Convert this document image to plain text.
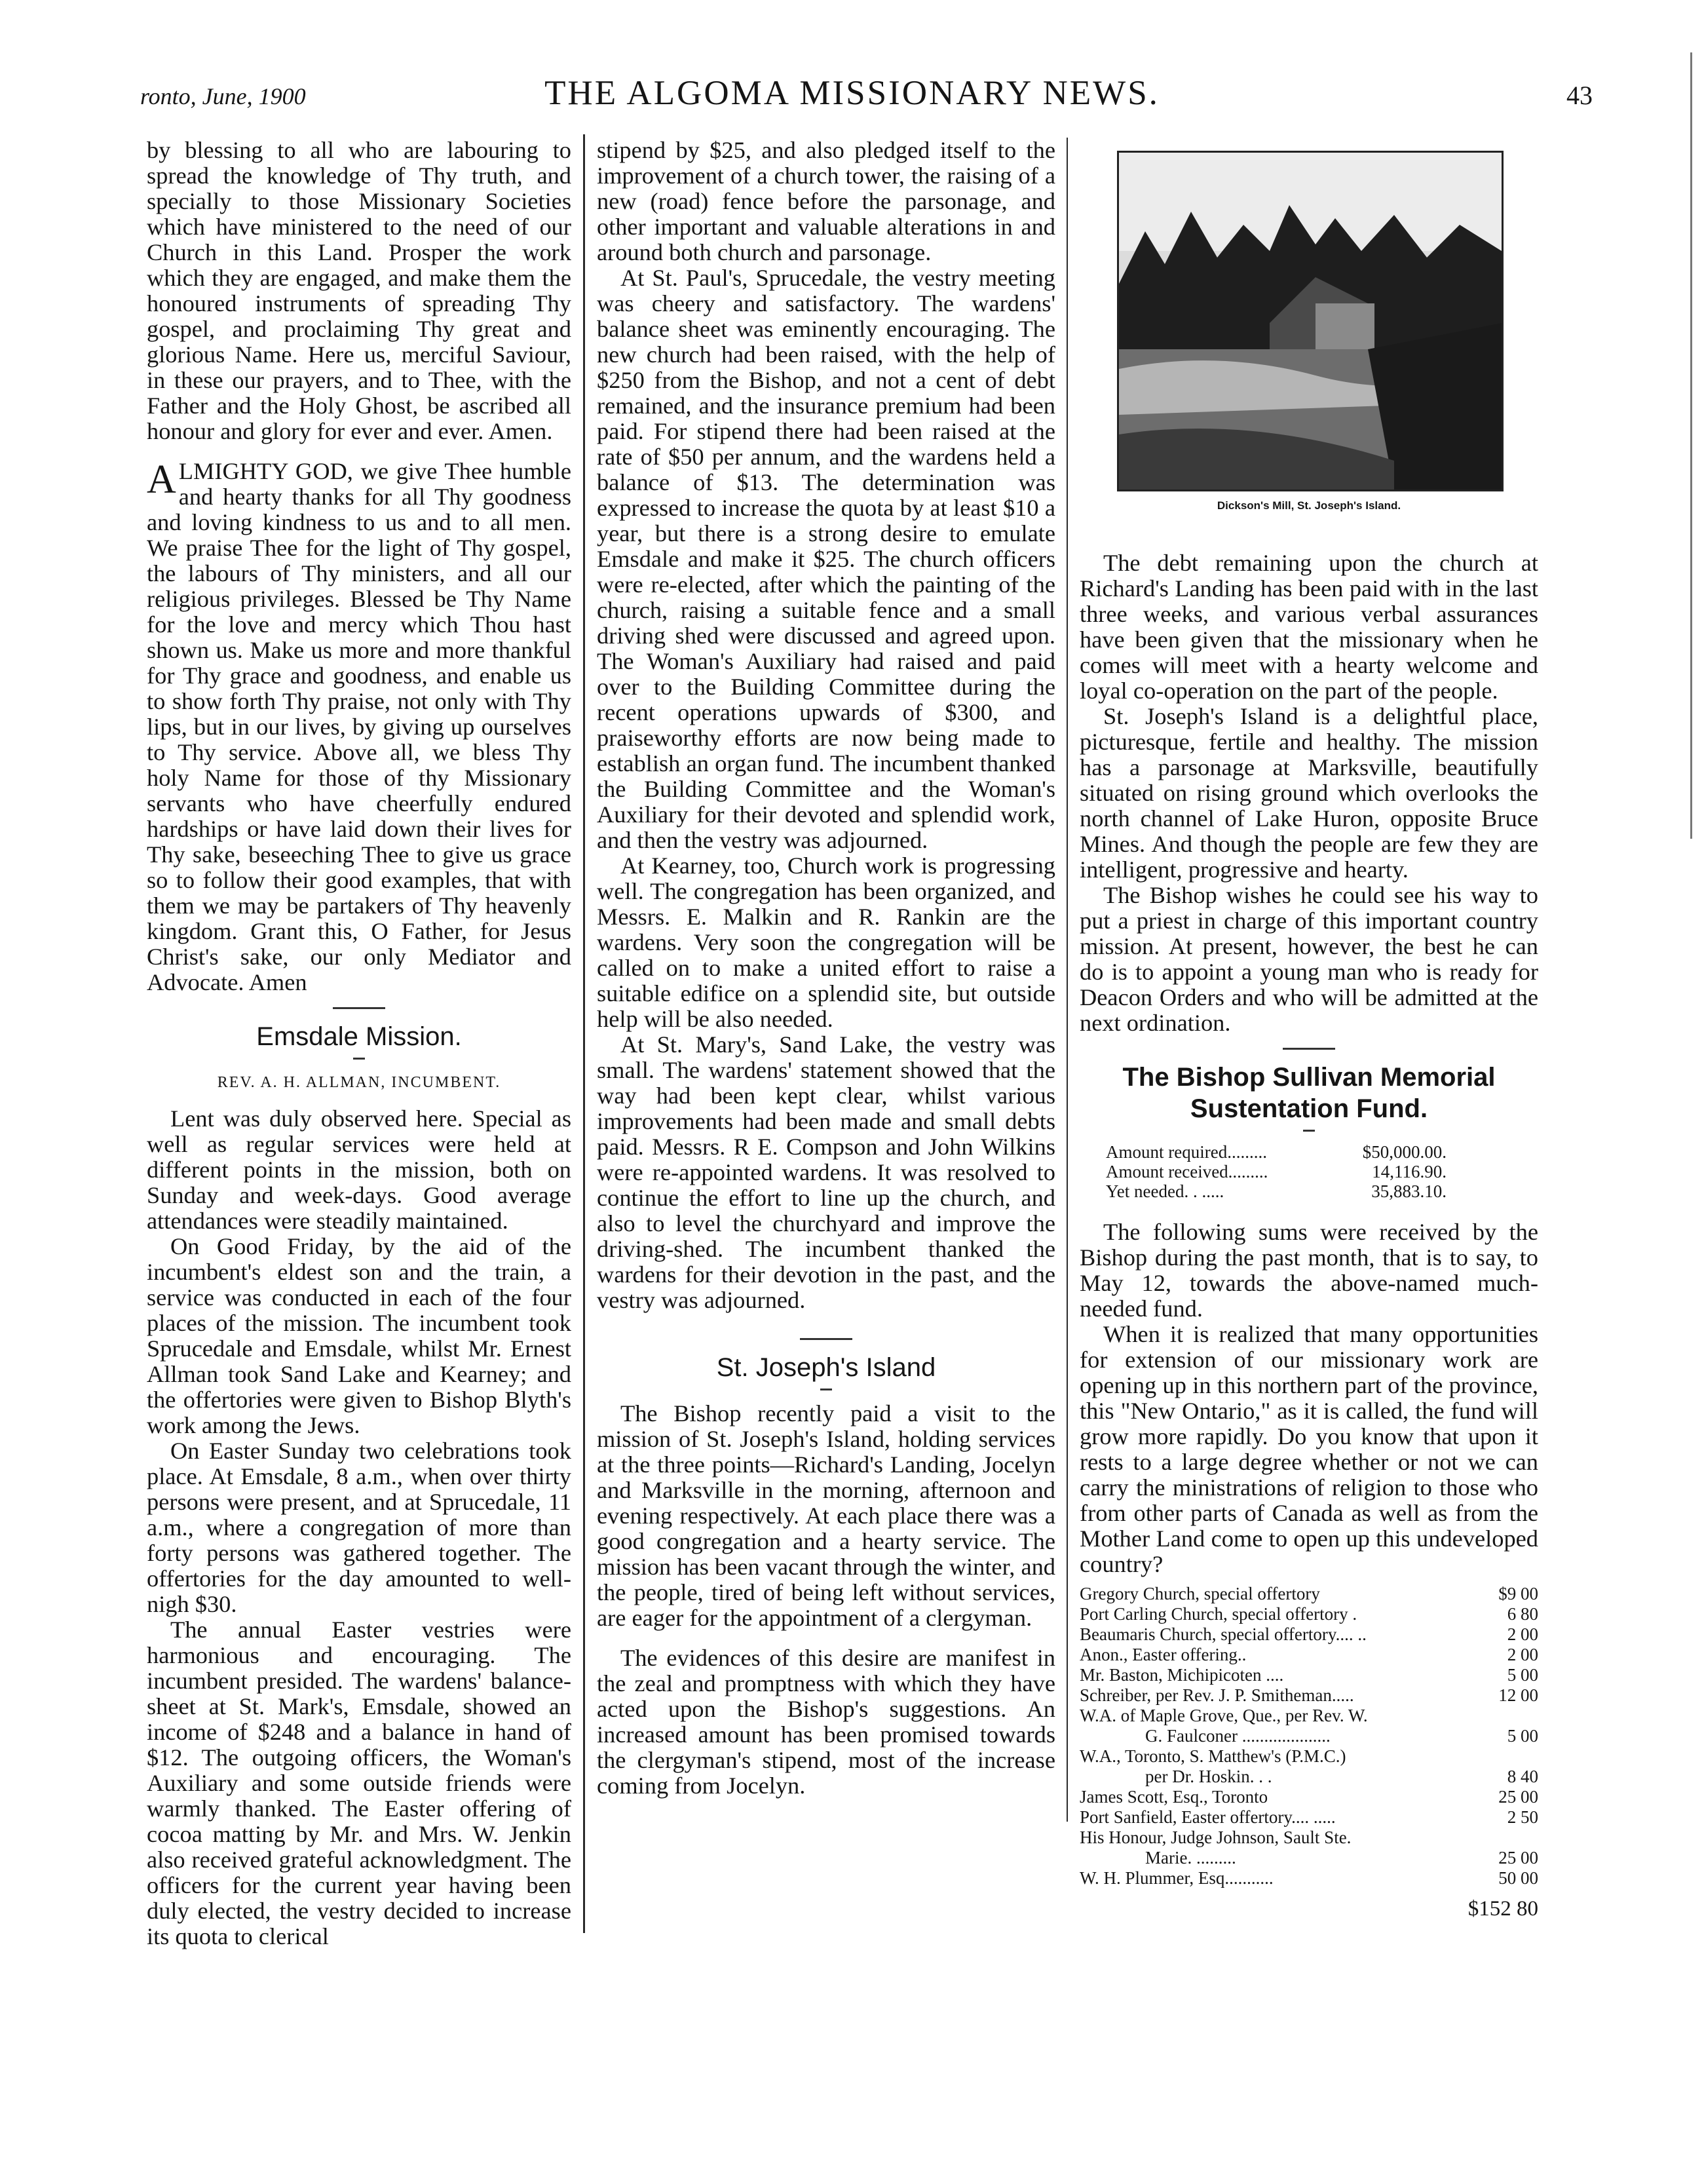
ronto, June, 1900	THE ALGOMA MISSIONARY NEWS.	43

by blessing to all who are labouring to spread the knowledge of Thy truth, and specially to those Missionary Societies which have ministered to the need of our Church in this Land. Prosper the work which they are engaged, and make them the honoured instruments of spreading Thy gospel, and proclaiming Thy great and glorious Name. Here us, merciful Saviour, in these our prayers, and to Thee, with the Father and the Holy Ghost, be ascribed all honour and glory for ever and ever. Amen.

ALMIGHTY GOD, we give Thee humble and hearty thanks for all Thy goodness and loving kindness to us and to all men. We praise Thee for the light of Thy gospel, the labours of Thy ministers, and all our religious privileges. Blessed be Thy Name for the love and mercy which Thou hast shown us. Make us more and more thankful for Thy grace and goodness, and enable us to show forth Thy praise, not only with Thy lips, but in our lives, by giving up ourselves to Thy service. Above all, we bless Thy holy Name for those of thy Missionary servants who have cheerfully endured hardships or have laid down their lives for Thy sake, beseeching Thee to give us grace so to follow their good examples, that with them we may be partakers of Thy heavenly kingdom. Grant this, O Father, for Jesus Christ's sake, our only Mediator and Advocate. Amen

Emsdale Mission.
REV. A. H. ALLMAN, INCUMBENT.

Lent was duly observed here. Special as well as regular services were held at different points in the mission, both on Sunday and week-days. Good average attendances were steadily maintained.

On Good Friday, by the aid of the incumbent's eldest son and the train, a service was conducted in each of the four places of the mission. The incumbent took Sprucedale and Emsdale, whilst Mr. Ernest Allman took Sand Lake and Kearney; and the offertories were given to Bishop Blyth's work among the Jews.

On Easter Sunday two celebrations took place. At Emsdale, 8 a.m., when over thirty persons were present, and at Sprucedale, 11 a.m., where a congregation of more than forty persons was gathered together. The offertories for the day amounted to well-nigh $30.

The annual Easter vestries were harmonious and encouraging. The incumbent presided. The wardens' balance-sheet at St. Mark's, Emsdale, showed an income of $248 and a balance in hand of $12. The outgoing officers, the Woman's Auxiliary and some outside friends were warmly thanked. The Easter offering of cocoa matting by Mr. and Mrs. W. Jenkin also received grateful acknowledgment. The officers for the current year having been duly elected, the vestry decided to increase its quota to clerical

stipend by $25, and also pledged itself to the improvement of a church tower, the raising of a new (road) fence before the parsonage, and other important and valuable alterations in and around both church and parsonage.

At St. Paul's, Sprucedale, the vestry meeting was cheery and satisfactory. The wardens' balance sheet was eminently encouraging. The new church had been raised, with the help of $250 from the Bishop, and not a cent of debt remained, and the insurance premium had been paid. For stipend there had been raised at the rate of $50 per annum, and the wardens held a balance of $13. The determination was expressed to increase the quota by at least $10 a year, but there is a strong desire to emulate Emsdale and make it $25. The church officers were re-elected, after which the painting of the church, raising a suitable fence and a small driving shed were discussed and agreed upon. The Woman's Auxiliary had raised and paid over to the Building Committee during the recent operations upwards of $300, and praiseworthy efforts are now being made to establish an organ fund. The incumbent thanked the Building Committee and the Woman's Auxiliary for their devoted and splendid work, and then the vestry was adjourned.

At Kearney, too, Church work is progressing well. The congregation has been organized, and Messrs. E. Malkin and R. Rankin are the wardens. Very soon the congregation will be called on to make a united effort to raise a suitable edifice on a splendid site, but outside help will be also needed.

At St. Mary's, Sand Lake, the vestry was small. The wardens' statement showed that the way had been kept clear, whilst various improvements had been made and small debts paid. Messrs. R E. Compson and John Wilkins were re-appointed wardens. It was resolved to continue the effort to line up the church, and also to level the churchyard and improve the driving-shed. The incumbent thanked the wardens for their devotion in the past, and the vestry was adjourned.

St. Joseph's Island

The Bishop recently paid a visit to the mission of St. Joseph's Island, holding services at the three points—Richard's Landing, Jocelyn and Marksville in the morning, afternoon and evening respectively. At each place there was a good congregation and a hearty service. The mission has been vacant through the winter, and the people, tired of being left without services, are eager for the appointment of a clergyman.

The evidences of this desire are manifest in the zeal and promptness with which they have acted upon the Bishop's suggestions. An increased amount has been promised towards the clergyman's stipend, most of the increase coming from Jocelyn.

Dickson's Mill, St. Joseph's Island.

The debt remaining upon the church at Richard's Landing has been paid with in the last three weeks, and various verbal assurances have been given that the missionary when he comes will meet with a hearty welcome and loyal co-operation on the part of the people.

St. Joseph's Island is a delightful place, picturesque, fertile and healthy. The mission has a parsonage at Marksville, beautifully situated on rising ground which overlooks the north channel of Lake Huron, opposite Bruce Mines. And though the people are few they are intelligent, progressive and hearty.

The Bishop wishes he could see his way to put a priest in charge of this important country mission. At present, however, the best he can do is to appoint a young man who is ready for Deacon Orders and who will be admitted at the next ordination.

The Bishop Sullivan Memorial Sustentation Fund.
Amount required.........	$50,000.00.
Amount received.........	14,116.90.
Yet needed. . .....	35,883.10.

The following sums were received by the Bishop during the past month, that is to say, to May 12, towards the above-named much-needed fund.

When it is realized that many opportunities for extension of our missionary work are opening up in this northern part of the province, this "New Ontario," as it is called, the fund will grow more rapidly. Do you know that upon it rests to a large degree whether or not we can carry the ministrations of religion to those who from other parts of Canada as well as from the Mother Land come to open up this undeveloped country?

Gregory Church, special offertory	$9 00
Port Carling Church, special offertory .	6 80
Beaumaris Church, special offertory.... ..	2 00
Anon., Easter offering..	2 00
Mr. Baston, Michipicoten ....	5 00
Schreiber, per Rev. J. P. Smitheman.....	12 00
W.A. of Maple Grove, Que., per Rev. W.
G. Faulconer ....................	5 00
W.A., Toronto, S. Matthew's (P.M.C.)
per Dr. Hoskin. . .	8 40
James Scott, Esq., Toronto	25 00
Port Sanfield, Easter offertory.... .....	2 50
His Honour, Judge Johnson, Sault Ste.
Marie. .........	25 00
W. H. Plummer, Esq...........	50 00
$152 80
